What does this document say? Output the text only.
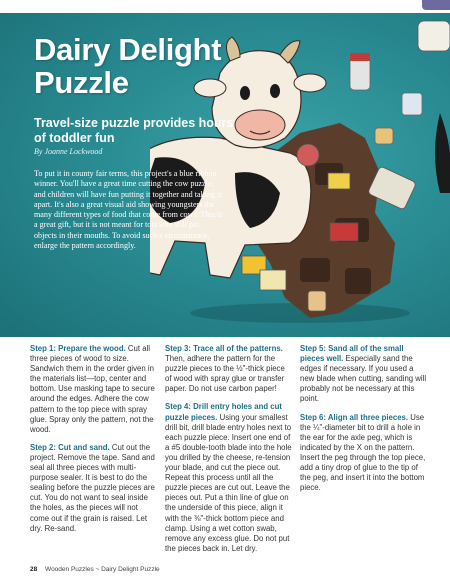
Dairy Delight
Puzzle
Travel-size puzzle provides hours of toddler fun
By Joanne Lockwood
To put it in county fair terms, this project's a blue ribbon winner. You'll have a great time cutting the cow puzzle, and children will have fun putting it together and taking it apart. It's also a great visual aid showing youngsters the many different types of food that come from cows. This is a great gift, but it is not meant for tots who still put objects in their mouths. To avoid such a circumstance, enlarge the pattern accordingly.

Step 1: Prepare the wood. Cut all three pieces of wood to size. Sandwich them in the order given in the materials list—top, center and bottom. Use masking tape to secure around the edges. Adhere the cow pattern to the top piece with spray glue. Spray only the pattern, not the wood.

Step 2: Cut and sand. Cut out the project. Remove the tape. Sand and seal all three pieces with multi-purpose sealer. It is best to do the sealing before the puzzle pieces are cut. You do not want to seal inside the holes, as the pieces will not come out if the grain is raised. Let dry. Re-sand.

Step 3: Trace all of the patterns. Then, adhere the pattern for the puzzle pieces to the ½"-thick piece of wood with spray glue or transfer paper. Do not use carbon paper!

Step 4: Drill entry holes and cut puzzle pieces. Using your smallest drill bit, drill blade entry holes next to each puzzle piece. Insert one end of a #5 double-tooth blade into the hole you drilled by the cheese, re-tension your blade, and cut the piece out. Repeat this process until all the puzzle pieces are cut out. Leave the pieces out. Put a thin line of glue on the underside of this piece, align it with the ⅜"-thick bottom piece and clamp. Using a wet cotton swab, remove any excess glue. Do not put the pieces back in. Let dry.

Step 5: Sand all of the small pieces well. Especially sand the edges if necessary. If you used a new blade when cutting, sanding will probably not be necessary at this point.

Step 6: Align all three pieces. Use the ¼"-diameter bit to drill a hole in the ear for the axle peg, which is indicated by the X on the pattern. Insert the peg through the top piece, add a tiny drop of glue to the tip of the peg, and insert it into the bottom piece.

28 Wooden Puzzles ~ Dairy Delight Puzzle
